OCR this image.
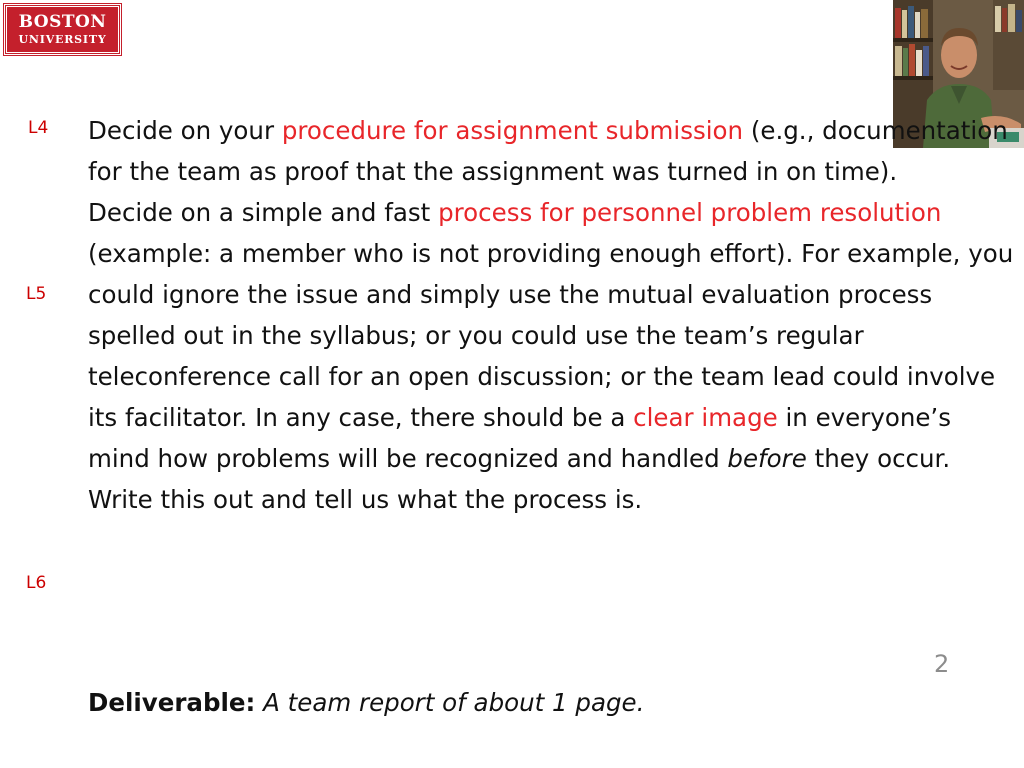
BOSTON
UNIVERSITY
L4
L5
L6

Decide on your procedure for assignment submission (e.g., documentation for the team as proof that the assignment was turned in on time).

Decide on a simple and fast process for personnel problem resolution (example: a member who is not providing enough effort). For example, you could ignore the issue and simply use the mutual evaluation process spelled out in the syllabus; or you could use the team’s regular teleconference call for an open discussion; or the team lead could involve its facilitator. In any case, there should be a clear image in everyone’s mind how problems will be recognized and handled before they occur. Write this out and tell us what the process is.

2
Deliverable: A team report of about 1 page.
